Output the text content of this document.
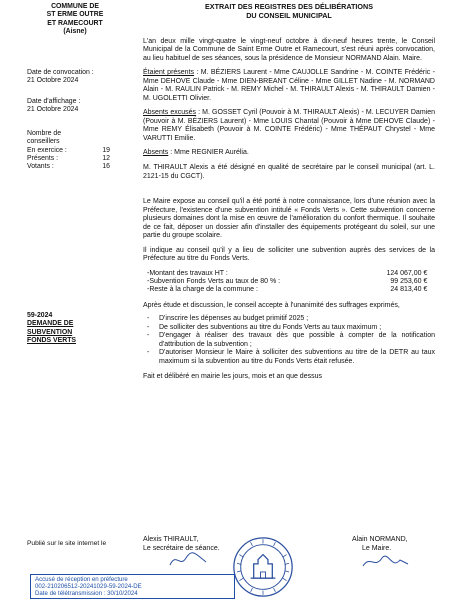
COMMUNE DE
ST ERME OUTRE
ET RAMECOURT
(Aisne)
EXTRAIT DES REGISTRES DES DÉLIBÉRATIONS
DU CONSEIL MUNICIPAL
Date de convocation :
21 Octobre 2024
Date d'affichage :
21 Octobre 2024
Nombre de
conseillers
En exercice :	19
Présents :	12
Votants :	16
59-2024
DEMANDE DE
SUBVENTION
FONDS VERTS
Publié sur le site internet le

L'an deux mille vingt-quatre le vingt-neuf octobre à dix-neuf heures trente, le Conseil Municipal de la Commune de Saint Erme Outre et Ramecourt, s'est réuni après convocation, au lieu habituel de ses séances, sous la présidence de Monsieur NORMAND Alain. Maire.

Étaient présents : M. BÉZIERS Laurent - Mme CAUJOLLE Sandrine - M. COINTE Frédéric - Mme DEHOVE Claude - Mme DIEN-BREANT Céline - Mme GILLET Nadine - M. NORMAND Alain - M. RAULIN Patrick - M. REMY Michel - M. THIRAULT Alexis - M. THIRAULT Damien - M. UGOLETTI Olivier.

Absents excusés : M. GOSSET Cyril (Pouvoir à M. THIRAULT Alexis) - M. LECUYER Damien (Pouvoir à M. BÉZIERS Laurent) - Mme LOUIS Chantal (Pouvoir à Mme DEHOVE Claude) - Mme REMY Élisabeth (Pouvoir à M. COINTE Frédéric) - Mme THÉPAUT Chrystel - Mme VARUTTI Emilie.

Absents : Mme REGNIER Aurélia.

M. THIRAULT Alexis a été désigné en qualité de secrétaire par le conseil municipal (art. L. 2121-15 du CGCT).

Le Maire expose au conseil qu'il a été porté à notre connaissance, lors d'une réunion avec la Préfecture, l'existence d'une subvention intitulé « Fonds Verts ». Cette subvention concerne plusieurs domaines dont la mise en œuvre de l'amélioration du confort thermique. Il souhaite de ce fait, déposer un dossier afin d'installer des équipements protégeant du soleil, sur une partie du groupe scolaire.

Il indique au conseil qu'il y a lieu de solliciter une subvention auprès des services de la Préfecture au titre du Fonds Verts.

- Montant des travaux HT :	124 067,00 €
- Subvention Fonds Verts au taux de 80 % :	99 253,60 €
- Reste à la charge de la commune :	24 813,40 €

Après étude et discussion, le conseil accepte à l'unanimité des suffrages exprimés,

-	D'inscrire les dépenses au budget primitif 2025 ;

-	De solliciter des subventions au titre du Fonds Verts au taux maximum ;

-	D'engager à réaliser des travaux dès que possible à compter de la notification d'attribution de la subvention ;

-	D'autoriser Monsieur le Maire à solliciter des subventions au titre de la DETR au taux maximum si la subvention au titre du Fonds Verts était refusée.

Fait et délibéré en mairie les jours, mois et an que dessus

Alexis THIRAULT,
Le secrétaire de séance.
Alain NORMAND,
Le Maire.
Accusé de réception en préfecture
002-210206512-20241029-59-2024-DE
Date de télétransmission : 30/10/2024
